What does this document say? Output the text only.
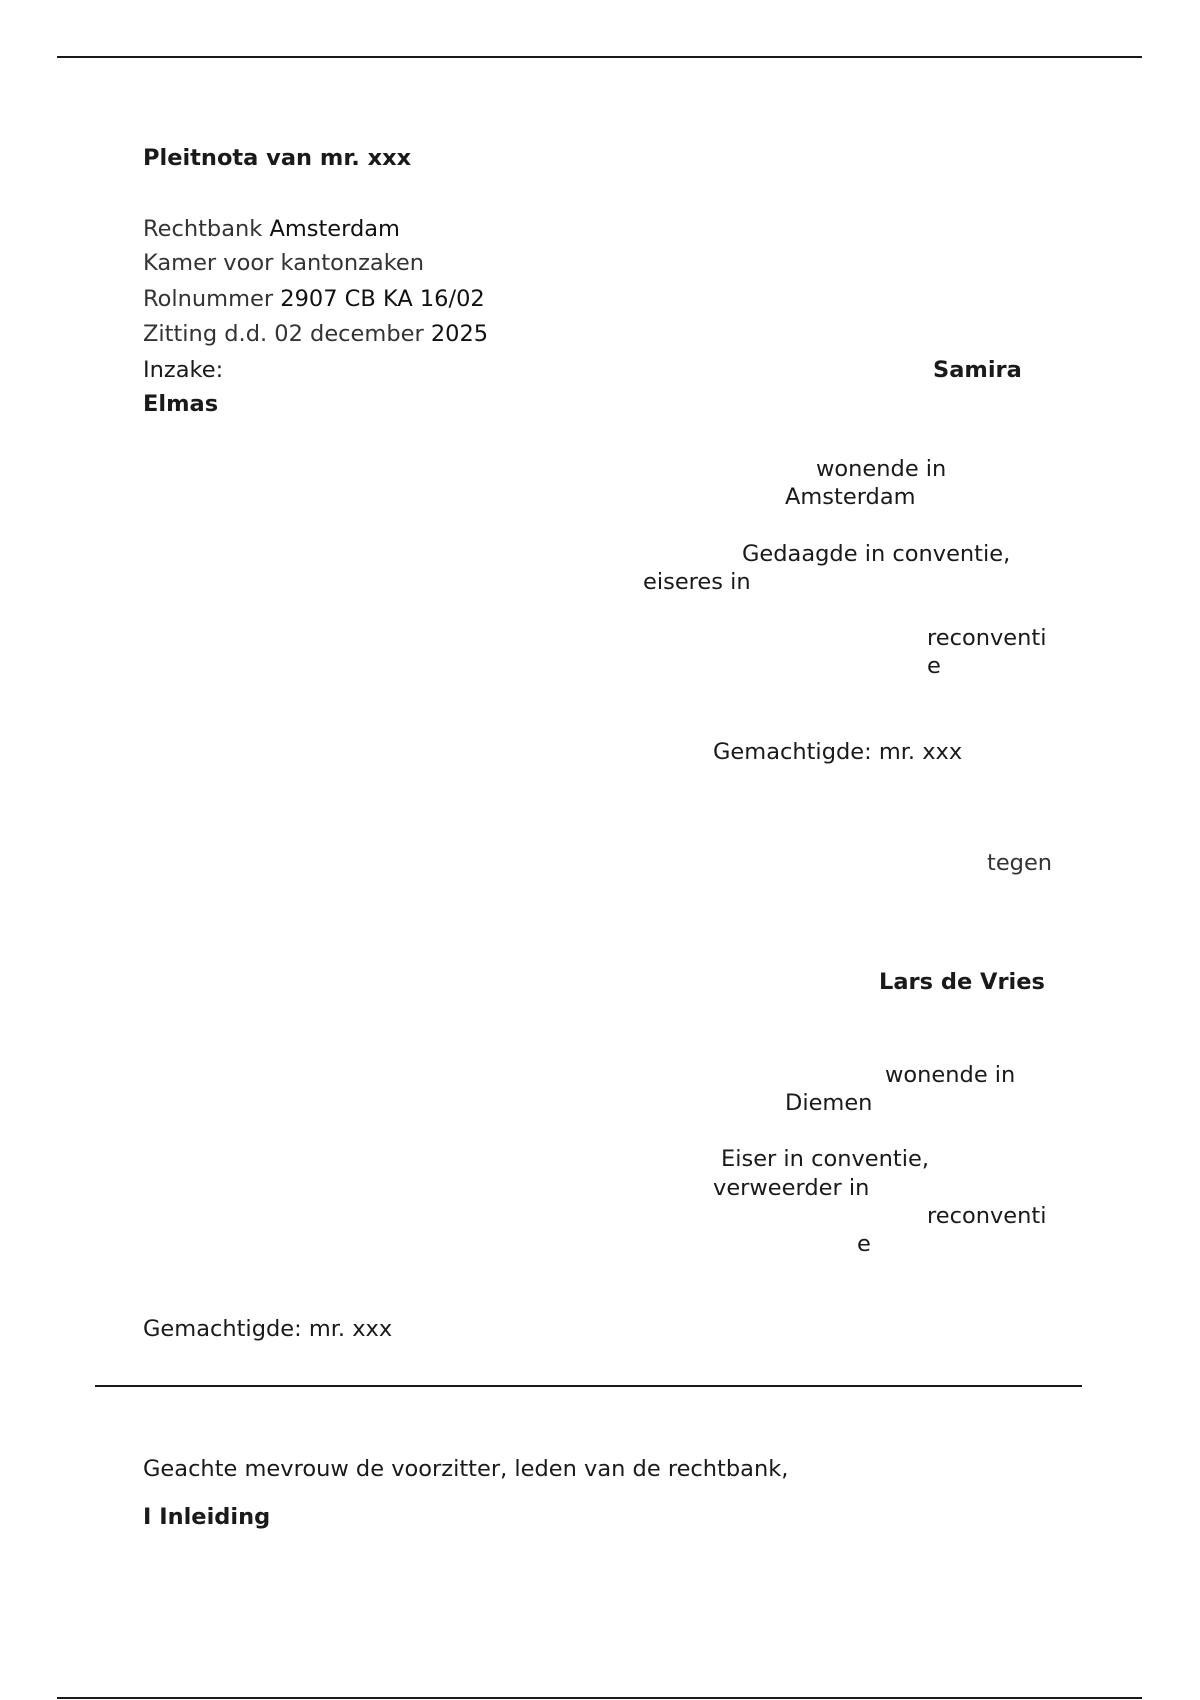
Pleitnota van mr. xxx
Rechtbank Amsterdam
Kamer voor kantonzaken
Rolnummer 2907 CB KA 16/02
Zitting d.d. 02 december 2025
Inzake:	Samira
Elmas
wonende in
Amsterdam
Gedaagde in conventie,
eiseres in
reconventi
e
Gemachtigde: mr. xxx
tegen
Lars de Vries
wonende in
Diemen
Eiser in conventie,
verweerder in
reconventi
e
Gemachtigde: mr. xxx
Geachte mevrouw de voorzitter, leden van de rechtbank,
I Inleiding
